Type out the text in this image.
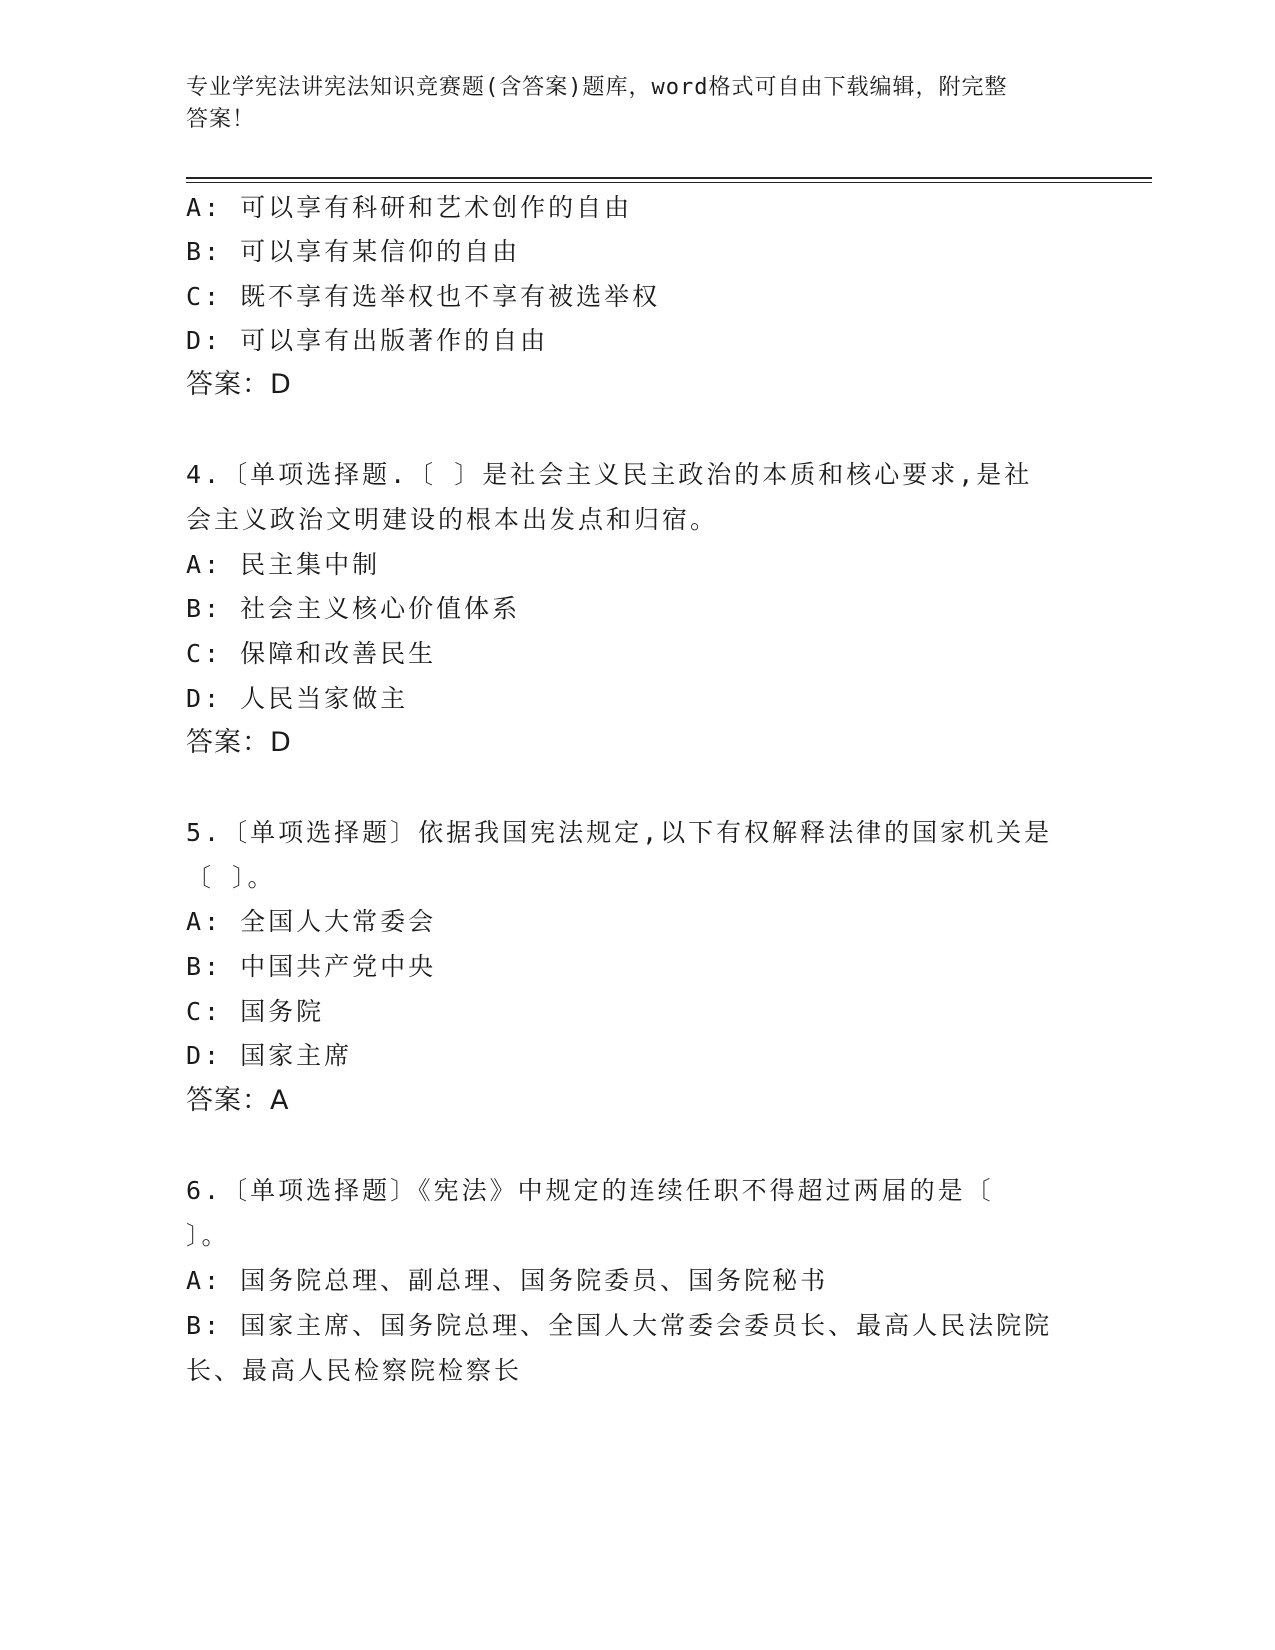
专业学宪法讲宪法知识竞赛题(含答案)题库，word格式可自由下载编辑，附完整
答案！
A: 可以享有科研和艺术创作的自由
B: 可以享有某信仰的自由
C: 既不享有选举权也不享有被选举权
D: 可以享有出版著作的自由
答案：D
4.〔单项选择题.〔 〕是社会主义民主政治的本质和核心要求,是社
会主义政治文明建设的根本出发点和归宿。
A: 民主集中制
B: 社会主义核心价值体系
C: 保障和改善民生
D: 人民当家做主
答案：D
5.〔单项选择题〕依据我国宪法规定,以下有权解释法律的国家机关是
〔 〕。
A: 全国人大常委会
B: 中国共产党中央
C: 国务院
D: 国家主席
答案：A
6.〔单项选择题〕《宪法》中规定的连续任职不得超过两届的是〔
〕。
A: 国务院总理、副总理、国务院委员、国务院秘书
B: 国家主席、国务院总理、全国人大常委会委员长、最高人民法院院
长、最高人民检察院检察长
